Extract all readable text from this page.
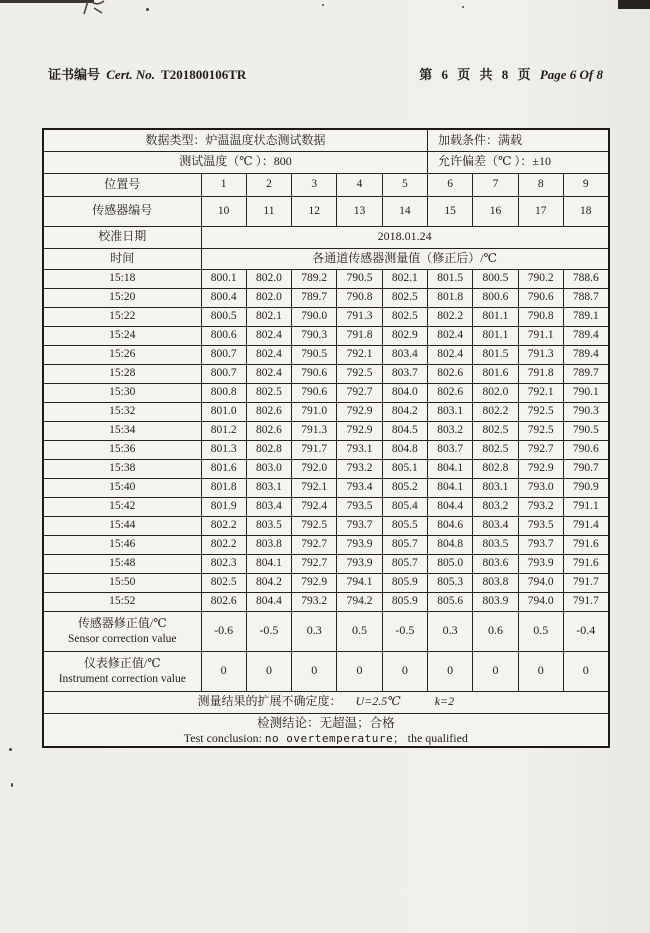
证书编号 Cert. No. T201800106TR	第 6 页 共 8 页 Page 6 Of 8
数据类型：炉温温度状态测试数据						加载条件：满载			
测试温度（℃ ）：800						允许偏差（℃ ）：±10			
位置号	1	2	3	4	5	6	7	8	9
传感器编号	10	11	12	13	14	15	16	17	18
校准日期	2018.01.24								
时间	各通道传感器测量值（修正后）/℃								
15:18	800.1	802.0	789.2	790.5	802.1	801.5	800.5	790.2	788.6
15:20	800.4	802.0	789.7	790.8	802.5	801.8	800.6	790.6	788.7
15:22	800.5	802.1	790.0	791.3	802.5	802.2	801.1	790.8	789.1
15:24	800.6	802.4	790.3	791.8	802.9	802.4	801.1	791.1	789.4
15:26	800.7	802.4	790.5	792.1	803.4	802.4	801.5	791.3	789.4
15:28	800.7	802.4	790.6	792.5	803.7	802.6	801.6	791.8	789.7
15:30	800.8	802.5	790.6	792.7	804.0	802.6	802.0	792.1	790.1
15:32	801.0	802.6	791.0	792.9	804.2	803.1	802.2	792.5	790.3
15:34	801.2	802.6	791.3	792.9	804.5	803.2	802.5	792.5	790.5
15:36	801.3	802.8	791.7	793.1	804.8	803.7	802.5	792.7	790.6
15:38	801.6	803.0	792.0	793.2	805.1	804.1	802.8	792.9	790.7
15:40	801.8	803.1	792.1	793.4	805.2	804.1	803.1	793.0	790.9
15:42	801.9	803.4	792.4	793.5	805.4	804.4	803.2	793.2	791.1
15:44	802.2	803.5	792.5	793.7	805.5	804.6	803.4	793.5	791.4
15:46	802.2	803.8	792.7	793.9	805.7	804.8	803.5	793.7	791.6
15:48	802.3	804.1	792.7	793.9	805.7	805.0	803.6	793.9	791.6
15:50	802.5	804.2	792.9	794.1	805.9	805.3	803.8	794.0	791.7
15:52	802.6	804.4	793.2	794.2	805.9	805.6	803.9	794.0	791.7
传感器修正值/℃
Sensor correction value	-0.6	-0.5	0.3	0.5	-0.5	0.3	0.6	0.5	-0.4
仪表修正值/℃
Instrument correction value	0	0	0	0	0	0	0	0	0
测量结果的扩展不确定度： U=2.5℃ k=2									

检测结论：无超温；合格
Test conclusion: no overtemperature； the qualified									
